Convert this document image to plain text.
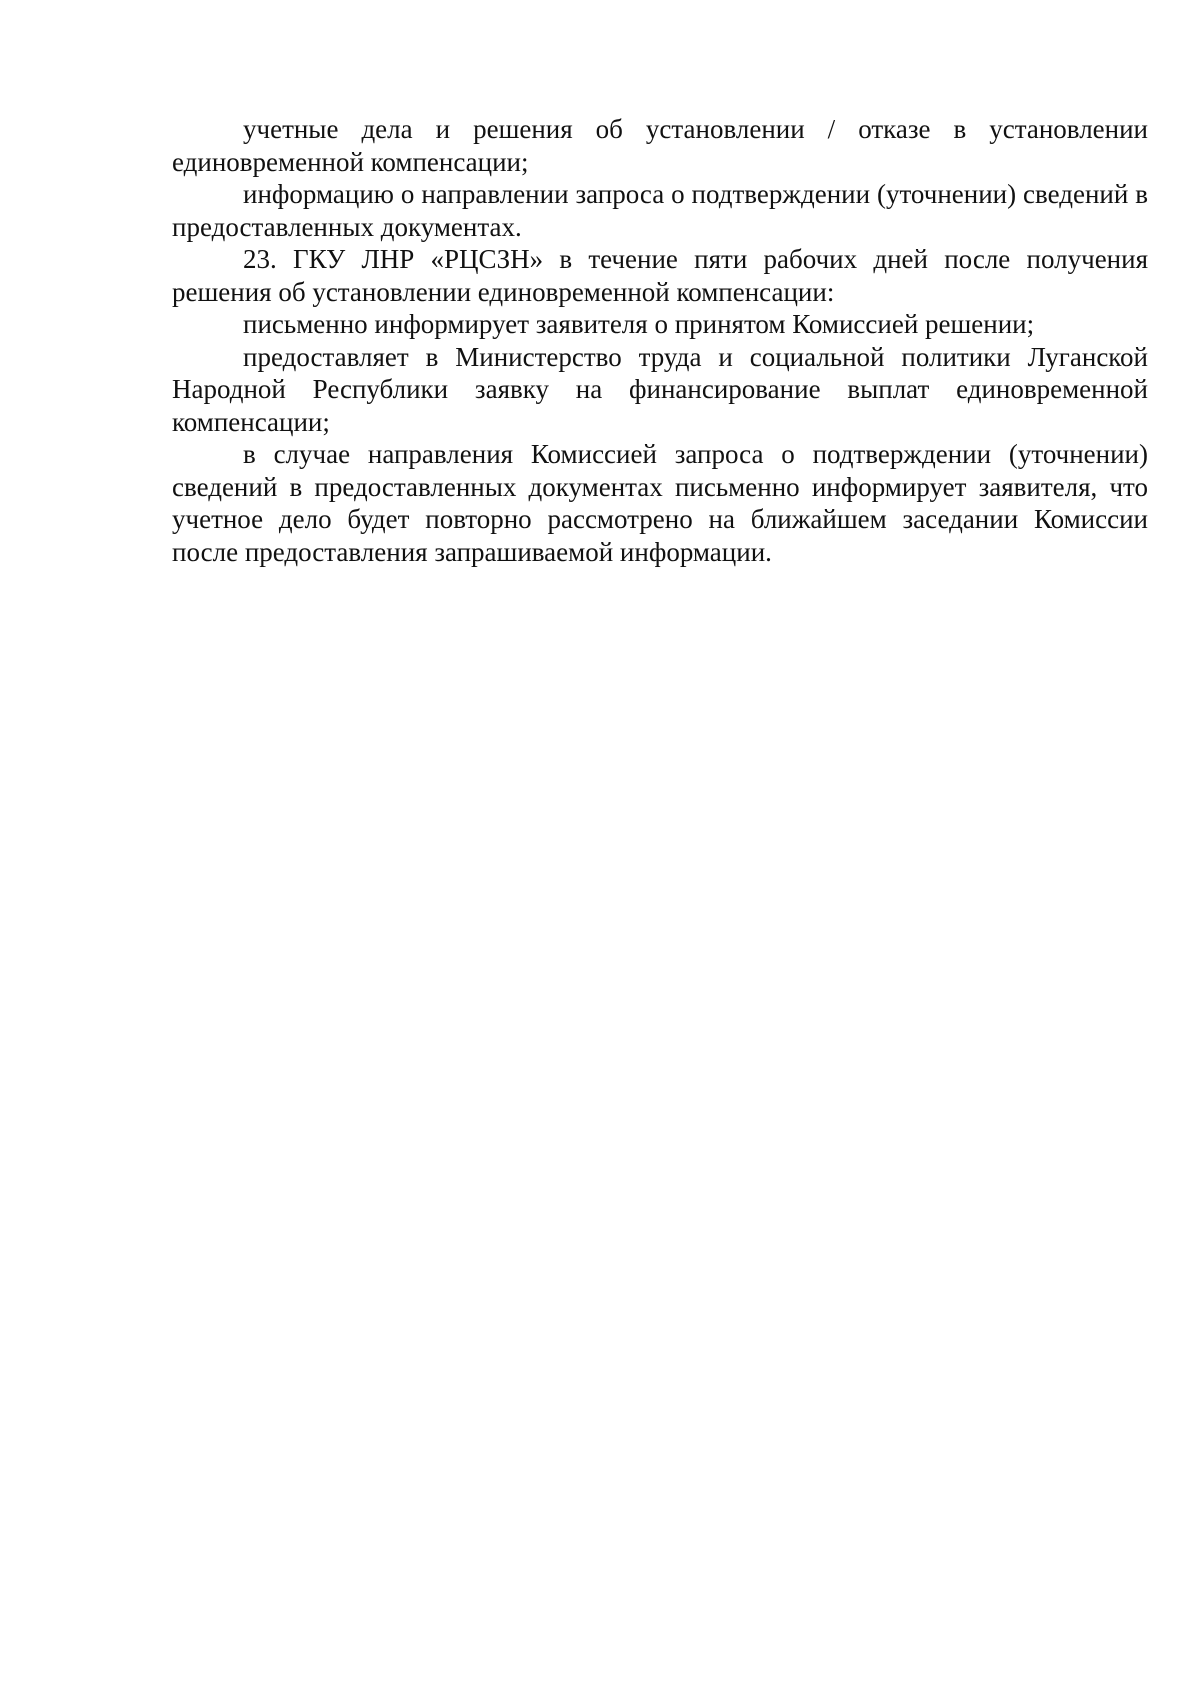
учетные дела и решения об установлении / отказе в установлении единовременной компенсации;

информацию о направлении запроса о подтверждении (уточнении) сведений в предоставленных документах.

23. ГКУ ЛНР «РЦСЗН» в течение пяти рабочих дней после получения решения об установлении единовременной компенсации:

письменно информирует заявителя о принятом Комиссией решении;

предоставляет в Министерство труда и социальной политики Луганской Народной Республики заявку на финансирование выплат единовременной компенсации;

в случае направления Комиссией запроса о подтверждении (уточнении) сведений в предоставленных документах письменно информирует заявителя, что учетное дело будет повторно рассмотрено на ближайшем заседании Комиссии после предоставления запрашиваемой информации.
